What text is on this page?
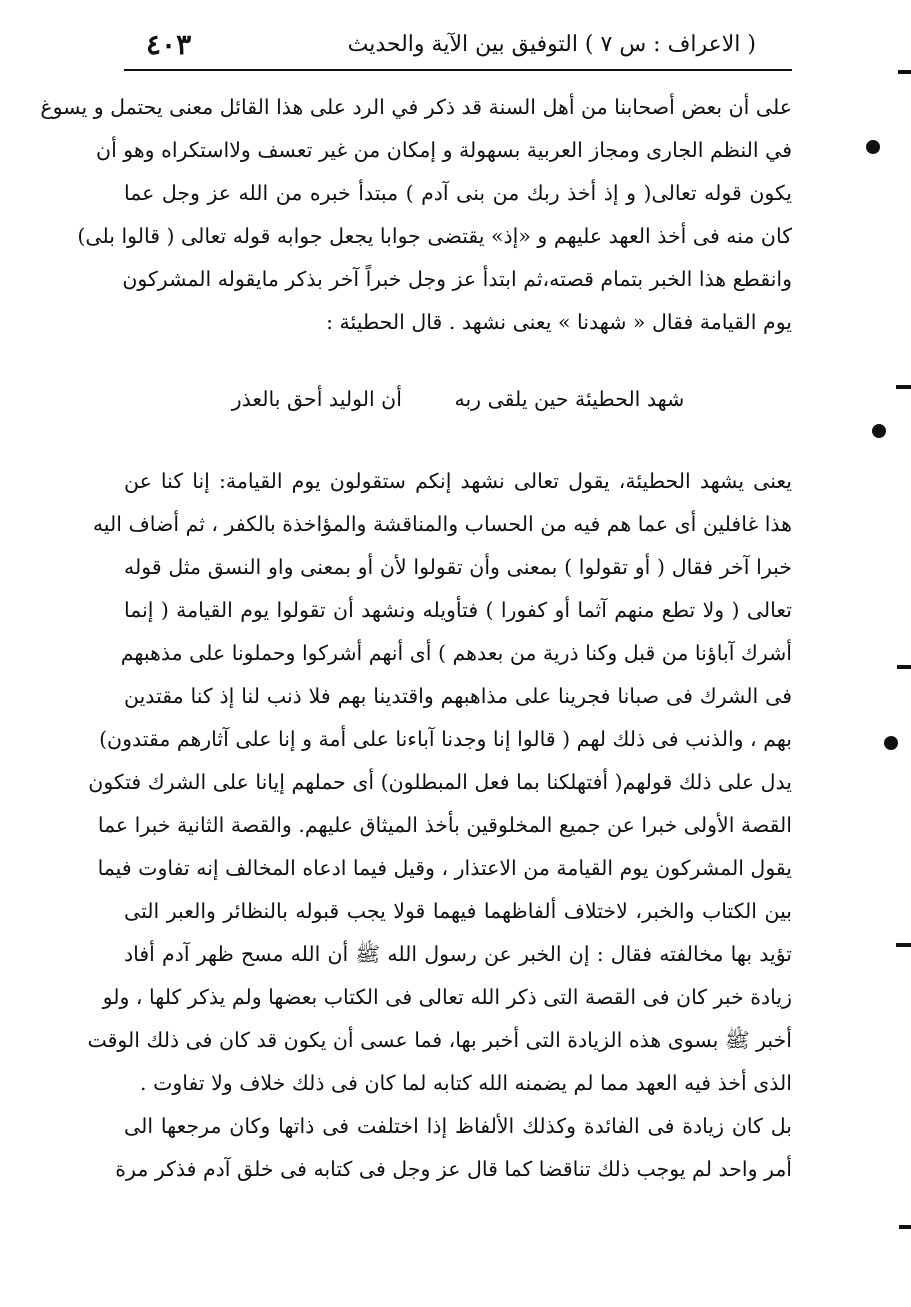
( الاعراف : س ٧ ) التوفيق بين الآية والحديث
٤٠٣
على أن بعض أصحابنا من أهل السنة قد ذكر في الرد على هذا القائل معنى يحتمل و يسوغ
في النظم الجارى ومجاز العربية بسهولة و إمكان من غير تعسف ولااستكراه وهو أن
يكون قوله تعالى( و إذ أخذ ربك من بنى آدم ) مبتدأ خبره من الله عز وجل عما
كان منه فى أخذ العهد عليهم و «إذ» يقتضى جوابا يجعل جوابه قوله تعالى ( قالوا بلى)
وانقطع هذا الخبر بتمام قصته،ثم ابتدأ عز وجل خبراً آخر بذكر مايقوله المشركون
يوم القيامة فقال « شهدنا » يعنى نشهد . قال الحطيئة :
شهد الحطيئة حين يلقى ربه أن الوليد أحق بالعذر
يعنى يشهد الحطيئة، يقول تعالى نشهد إنكم ستقولون يوم القيامة: إنا كنا عن
هذا غافلين أى عما هم فيه من الحساب والمناقشة والمؤاخذة بالكفر ، ثم أضاف اليه
خبرا آخر فقال ( أو تقولوا ) بمعنى وأن تقولوا لأن أو بمعنى واو النسق مثل قوله
تعالى ( ولا تطع منهم آثما أو كفورا ) فتأويله ونشهد أن تقولوا يوم القيامة ( إنما
أشرك آباؤنا من قبل وكنا ذرية من بعدهم ) أى أنهم أشركوا وحملونا على مذهبهم
فى الشرك فى صبانا فجرينا على مذاهبهم واقتدينا بهم فلا ذنب لنا إذ كنا مقتدين
بهم ، والذنب فى ذلك لهم ( قالوا إنا وجدنا آباءنا على أمة و إنا على آثارهم مقتدون)
يدل على ذلك قولهم( أفتهلكنا بما فعل المبطلون) أى حملهم إيانا على الشرك فتكون
القصة الأولى خبرا عن جميع المخلوقين بأخذ الميثاق عليهم. والقصة الثانية خبرا عما
يقول المشركون يوم القيامة من الاعتذار ، وقيل فيما ادعاه المخالف إنه تفاوت فيما
بين الكتاب والخبر، لاختلاف ألفاظهما فيهما قولا يجب قبوله بالنظائر والعبر التى
تؤيد بها مخالفته فقال : إن الخبر عن رسول الله ﷺ أن الله مسح ظهر آدم أفاد
زيادة خبر كان فى القصة التى ذكر الله تعالى فى الكتاب بعضها ولم يذكر كلها ، ولو
أخبر ﷺ بسوى هذه الزيادة التى أخبر بها، فما عسى أن يكون قد كان فى ذلك الوقت
الذى أخذ فيه العهد مما لم يضمنه الله كتابه لما كان فى ذلك خلاف ولا تفاوت .
بل كان زيادة فى الفائدة وكذلك الألفاظ إذا اختلفت فى ذاتها وكان مرجعها الى
أمر واحد لم يوجب ذلك تناقضا كما قال عز وجل فى كتابه فى خلق آدم فذكر مرة
